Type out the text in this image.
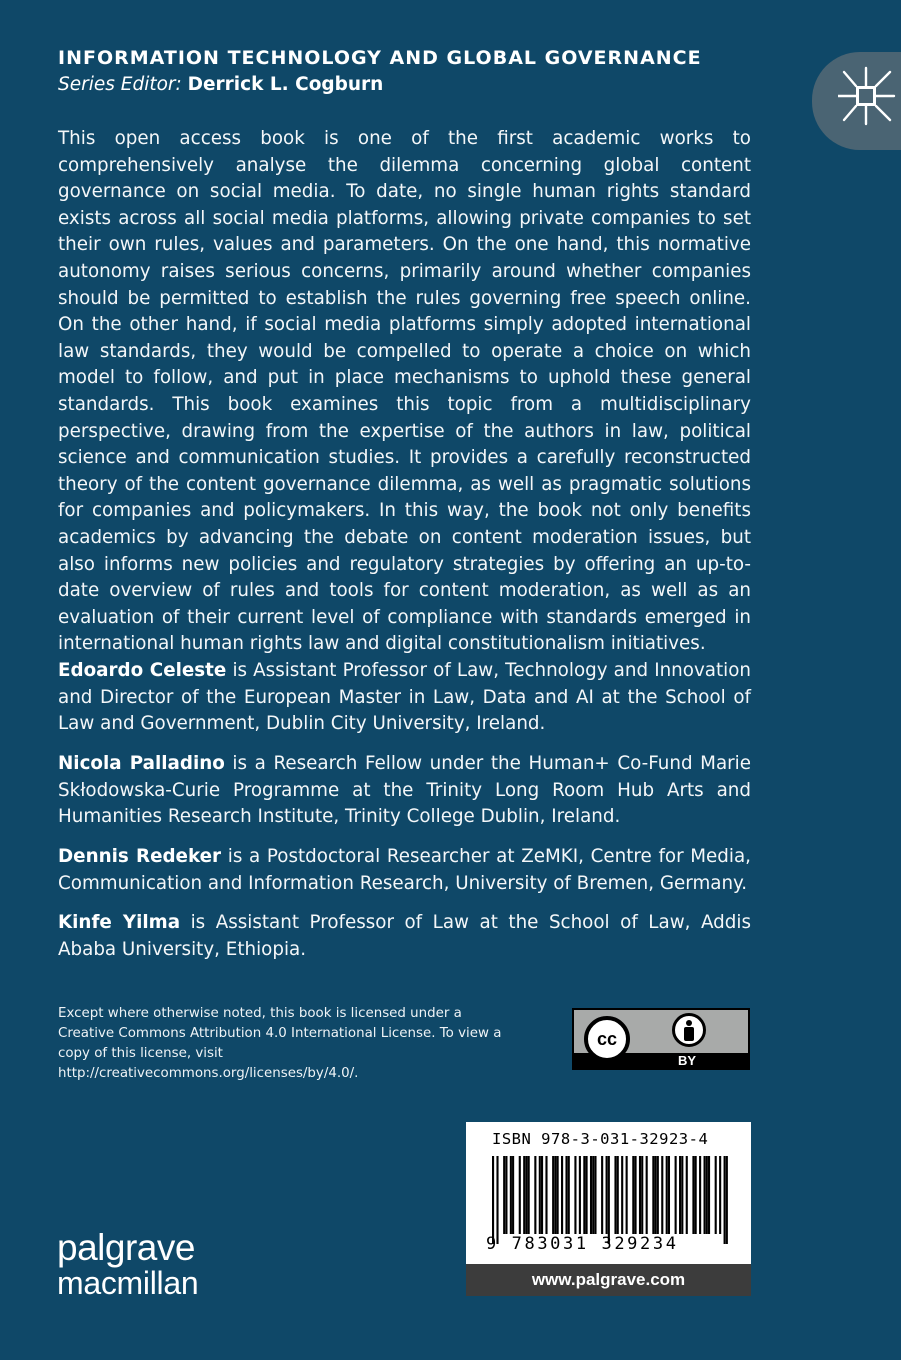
INFORMATION TECHNOLOGY AND GLOBAL GOVERNANCE
Series Editor: Derrick L. Cogburn

This open access book is one of the first academic works to comprehensively analyse the dilemma concerning global content governance on social media. To date, no single human rights standard exists across all social media platforms, allowing private companies to set their own rules, values and parameters. On the one hand, this normative autonomy raises serious concerns, primarily around whether companies should be permitted to establish the rules governing free speech online. On the other hand, if social media platforms simply adopted international law standards, they would be compelled to operate a choice on which model to follow, and put in place mechanisms to uphold these general standards. This book examines this topic from a multidisciplinary perspective, drawing from the expertise of the authors in law, political science and communication studies. It provides a carefully reconstructed theory of the content governance dilemma, as well as pragmatic solutions for companies and policymakers. In this way, the book not only benefits academics by advancing the debate on content moderation issues, but also informs new policies and regulatory strategies by offering an up-to-date overview of rules and tools for content moderation, as well as an evaluation of their current level of compliance with standards emerged in international human rights law and digital constitutionalism initiatives.

Edoardo Celeste is Assistant Professor of Law, Technology and Innovation and Director of the European Master in Law, Data and AI at the School of Law and Government, Dublin City University, Ireland.

Nicola Palladino is a Research Fellow under the Human+ Co-Fund Marie Skłodowska-Curie Programme at the Trinity Long Room Hub Arts and Humanities Research Institute, Trinity College Dublin, Ireland.

Dennis Redeker is a Postdoctoral Researcher at ZeMKI, Centre for Media, Communication and Information Research, University of Bremen, Germany.

Kinfe Yilma is Assistant Professor of Law at the School of Law, Addis Ababa University, Ethiopia.

Except where otherwise noted, this book is licensed under a Creative Commons Attribution 4.0 International License. To view a copy of this license, visit http://creativecommons.org/licenses/by/4.0/.
cc
BY
ISBN 978-3-031-32923-4
9 783031 329234
www.palgrave.com
palgrave
macmillan
